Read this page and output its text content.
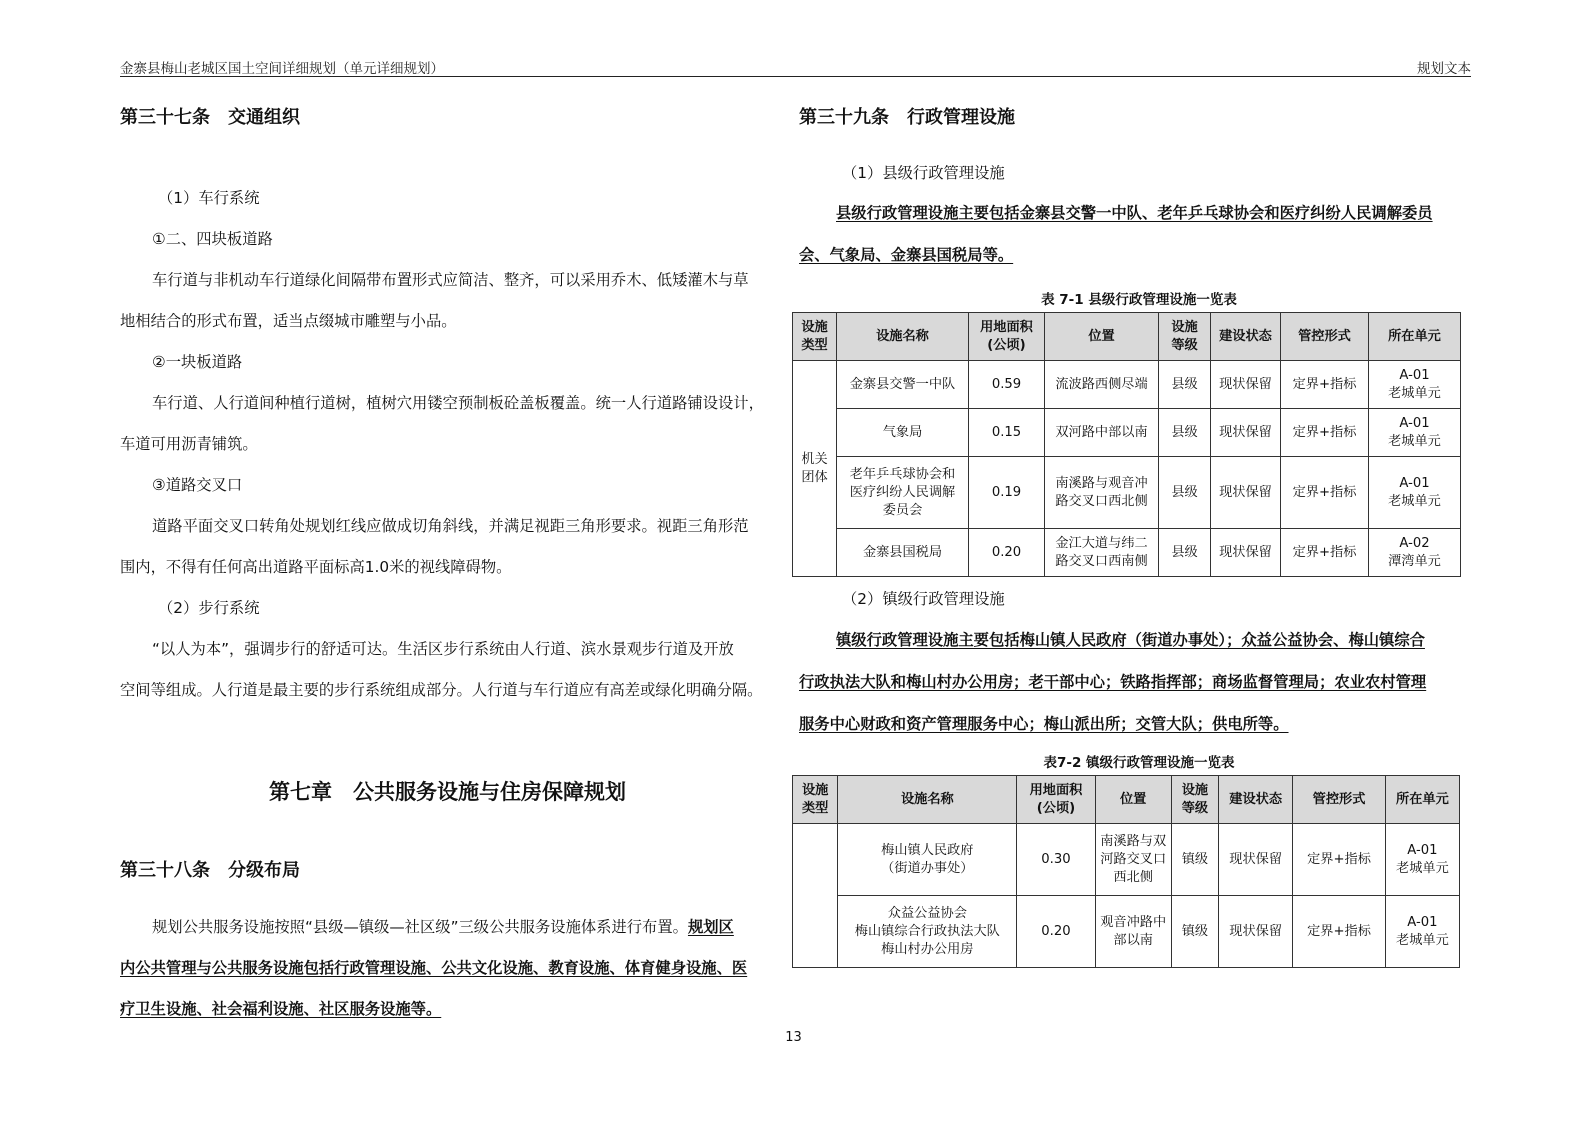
金寨县梅山老城区国土空间详细规划（单元详细规划）	规划文本
第三十七条　交通组织

（1）车行系统

①二、四块板道路

车行道与非机动车行道绿化间隔带布置形式应简洁、整齐，可以采用乔木、低矮灌木与草

地相结合的形式布置，适当点缀城市雕塑与小品。

②一块板道路

车行道、人行道间种植行道树，植树穴用镂空预制板砼盖板覆盖。统一人行道路铺设设计，

车道可用沥青铺筑。

③道路交叉口

道路平面交叉口转角处规划红线应做成切角斜线，并满足视距三角形要求。视距三角形范

围内，不得有任何高出道路平面标高1.0米的视线障碍物。

（2）步行系统

“以人为本”，强调步行的舒适可达。生活区步行系统由人行道、滨水景观步行道及开放

空间等组成。人行道是最主要的步行系统组成部分。人行道与车行道应有高差或绿化明确分隔。

第七章　公共服务设施与住房保障规划
第三十八条　分级布局

规划公共服务设施按照“县级—镇级—社区级”三级公共服务设施体系进行布置。规划区

内公共管理与公共服务设施包括行政管理设施、公共文化设施、教育设施、体育健身设施、医

疗卫生设施、社会福利设施、社区服务设施等。

第三十九条　行政管理设施

（1）县级行政管理设施

县级行政管理设施主要包括金寨县交警一中队、老年乒乓球协会和医疗纠纷人民调解委员

会、气象局、金寨县国税局等。

表 7-1 县级行政管理设施一览表
设施
类型	设施名称	用地面积
(公顷)	位置	设施
等级	建设状态	管控形式	所在单元
机关
团体	金寨县交警一中队	0.59	流波路西侧尽端	县级	现状保留	定界+指标	A-01
老城单元
	气象局	0.15	双河路中部以南	县级	现状保留	定界+指标	A-01
老城单元
	老年乒乓球协会和
医疗纠纷人民调解
委员会	0.19	南溪路与观音冲
路交叉口西北侧	县级	现状保留	定界+指标	A-01
老城单元
	金寨县国税局	0.20	金江大道与纬二
路交叉口西南侧	县级	现状保留	定界+指标	A-02
潭湾单元

（2）镇级行政管理设施

镇级行政管理设施主要包括梅山镇人民政府（街道办事处）；众益公益协会、梅山镇综合

行政执法大队和梅山村办公用房；老干部中心；铁路指挥部；商场监督管理局；农业农村管理

服务中心财政和资产管理服务中心；梅山派出所；交管大队；供电所等。

表7-2 镇级行政管理设施一览表
设施
类型	设施名称	用地面积
(公顷)	位置	设施
等级	建设状态	管控形式	所在单元
	梅山镇人民政府
（街道办事处）	0.30	南溪路与双
河路交叉口
西北侧	镇级	现状保留	定界+指标	A-01
老城单元
	众益公益协会
梅山镇综合行政执法大队
梅山村办公用房	0.20	观音冲路中
部以南	镇级	现状保留	定界+指标	A-01
老城单元
13
